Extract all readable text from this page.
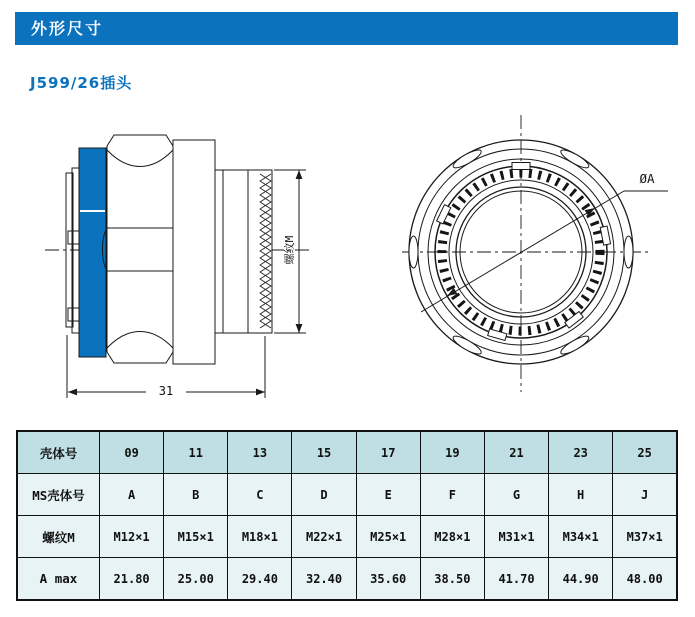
外形尺寸
J599/26插头
31
螺纹M
ØA
壳体号	09	11	13	15	17	19	21	23	25
MS壳体号	A	B	C	D	E	F	G	H	J
螺纹M	M12×1	M15×1	M18×1	M22×1	M25×1	M28×1	M31×1	M34×1	M37×1
A max	21.80	25.00	29.40	32.40	35.60	38.50	41.70	44.90	48.00
